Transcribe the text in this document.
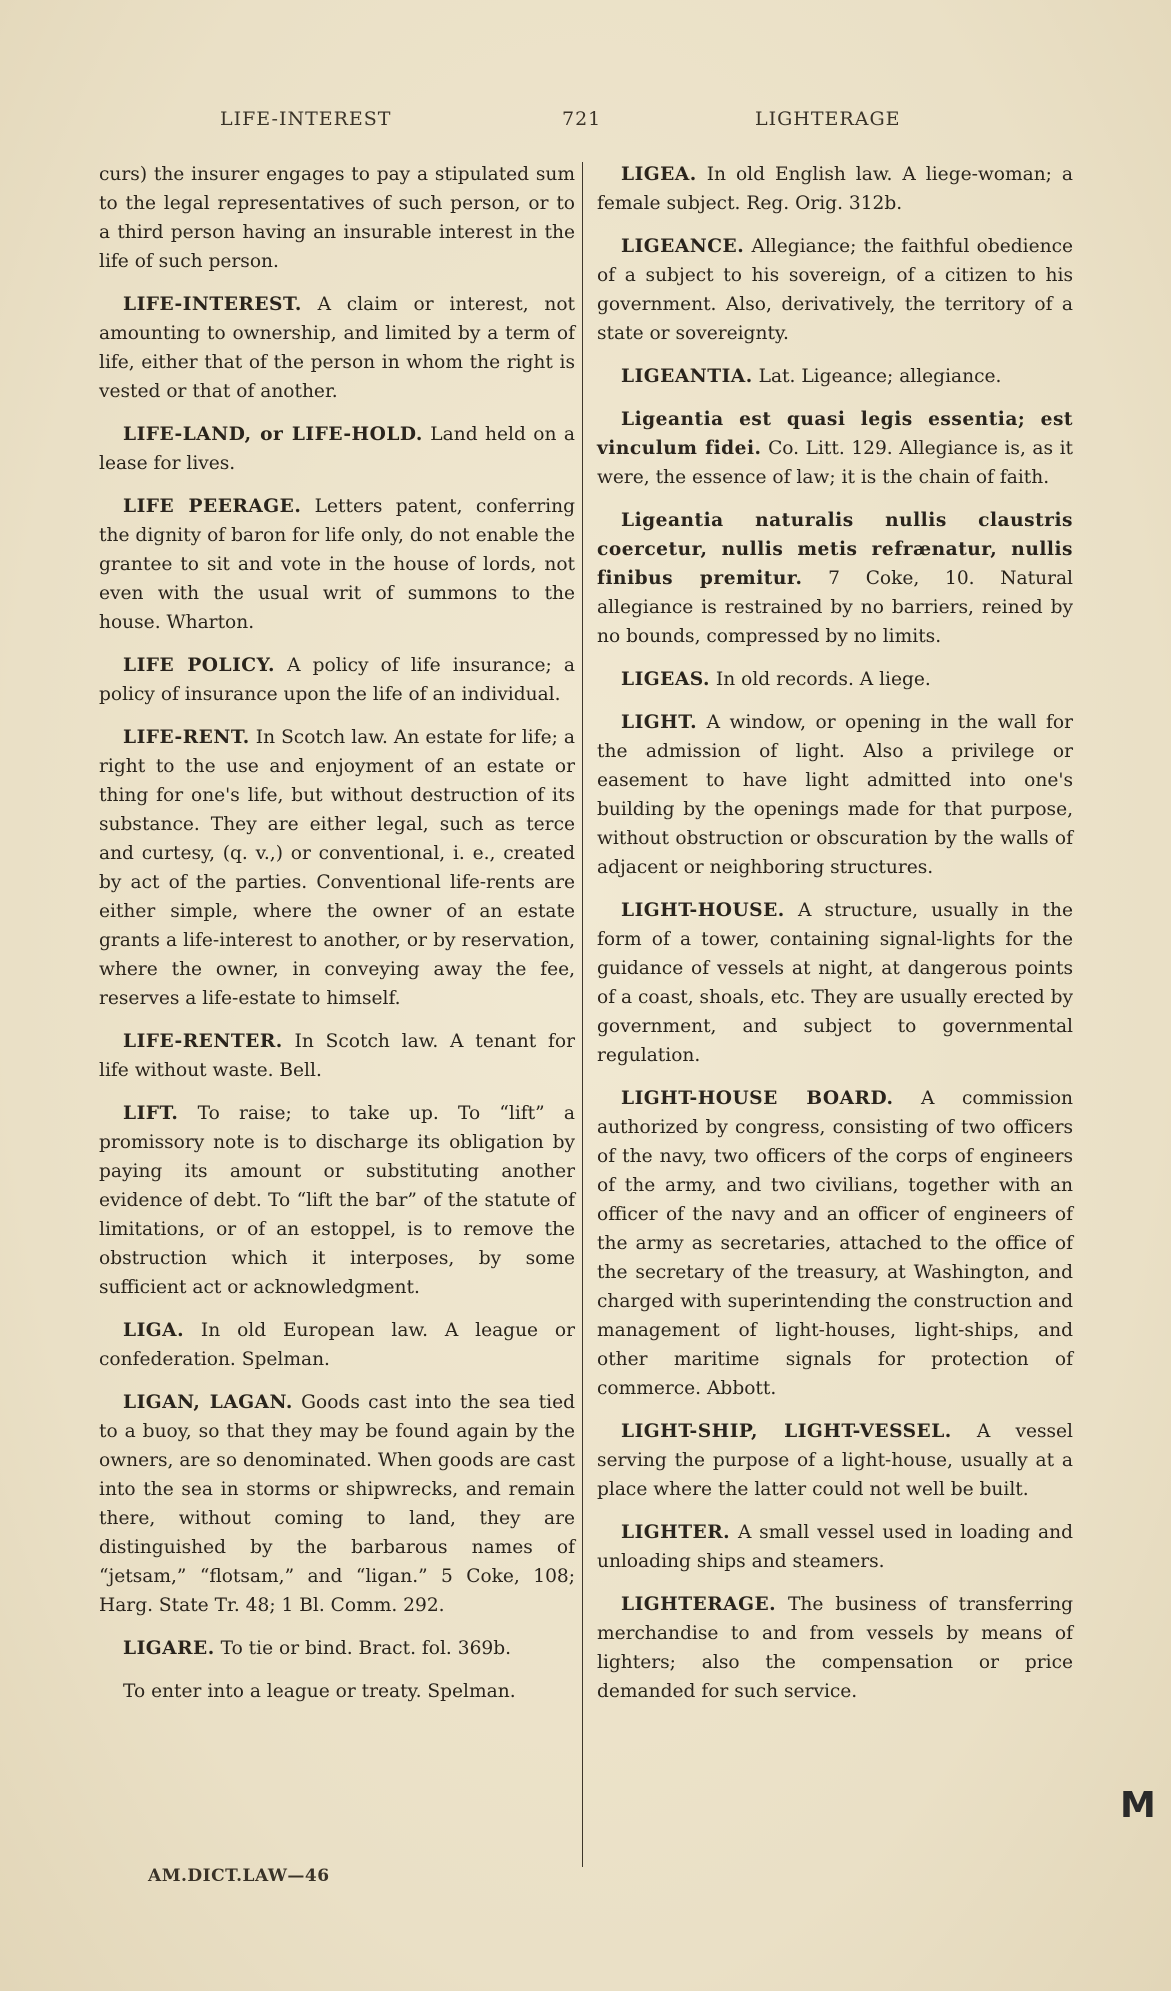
LIFE-INTEREST	721	LIGHTERAGE

curs) the insurer engages to pay a stipulated sum to the legal representatives of such person, or to a third person having an insurable interest in the life of such person.

LIFE-INTEREST. A claim or interest, not amounting to ownership, and limited by a term of life, either that of the person in whom the right is vested or that of another.

LIFE-LAND, or LIFE-HOLD. Land held on a lease for lives.

LIFE PEERAGE. Letters patent, conferring the dignity of baron for life only, do not enable the grantee to sit and vote in the house of lords, not even with the usual writ of summons to the house. Wharton.

LIFE POLICY. A policy of life insurance; a policy of insurance upon the life of an individual.

LIFE-RENT. In Scotch law. An estate for life; a right to the use and enjoyment of an estate or thing for one's life, but without destruction of its substance. They are either legal, such as terce and curtesy, (q. v.,) or conventional, i. e., created by act of the parties. Conventional life-rents are either simple, where the owner of an estate grants a life-interest to another, or by reservation, where the owner, in conveying away the fee, reserves a life-estate to himself.

LIFE-RENTER. In Scotch law. A tenant for life without waste. Bell.

LIFT. To raise; to take up. To “lift” a promissory note is to discharge its obligation by paying its amount or substituting another evidence of debt. To “lift the bar” of the statute of limitations, or of an estoppel, is to remove the obstruction which it interposes, by some sufficient act or acknowledgment.

LIGA. In old European law. A league or confederation. Spelman.

LIGAN, LAGAN. Goods cast into the sea tied to a buoy, so that they may be found again by the owners, are so denominated. When goods are cast into the sea in storms or shipwrecks, and remain there, without coming to land, they are distinguished by the barbarous names of “jetsam,” “flotsam,” and “ligan.” 5 Coke, 108; Harg. State Tr. 48; 1 Bl. Comm. 292.

LIGARE. To tie or bind. Bract. fol. 369b.

To enter into a league or treaty. Spelman.

LIGEA. In old English law. A liege-woman; a female subject. Reg. Orig. 312b.

LIGEANCE. Allegiance; the faithful obedience of a subject to his sovereign, of a citizen to his government. Also, derivatively, the territory of a state or sovereignty.

LIGEANTIA. Lat. Ligeance; allegiance.

Ligeantia est quasi legis essentia; est vinculum fidei. Co. Litt. 129. Allegiance is, as it were, the essence of law; it is the chain of faith.

Ligeantia naturalis nullis claustris coercetur, nullis metis refrænatur, nullis finibus premitur. 7 Coke, 10. Natural allegiance is restrained by no barriers, reined by no bounds, compressed by no limits.

LIGEAS. In old records. A liege.

LIGHT. A window, or opening in the wall for the admission of light. Also a privilege or easement to have light admitted into one's building by the openings made for that purpose, without obstruction or obscuration by the walls of adjacent or neighboring structures.

LIGHT-HOUSE. A structure, usually in the form of a tower, containing signal-lights for the guidance of vessels at night, at dangerous points of a coast, shoals, etc. They are usually erected by government, and subject to governmental regulation.

LIGHT-HOUSE BOARD. A commission authorized by congress, consisting of two officers of the navy, two officers of the corps of engineers of the army, and two civilians, together with an officer of the navy and an officer of engineers of the army as secretaries, attached to the office of the secretary of the treasury, at Washington, and charged with superintending the construction and management of light-houses, light-ships, and other maritime signals for protection of commerce. Abbott.

LIGHT-SHIP, LIGHT-VESSEL. A vessel serving the purpose of a light-house, usually at a place where the latter could not well be built.

LIGHTER. A small vessel used in loading and unloading ships and steamers.

LIGHTERAGE. The business of transferring merchandise to and from vessels by means of lighters; also the compensation or price demanded for such service.

AM.DICT.LAW—46
M
